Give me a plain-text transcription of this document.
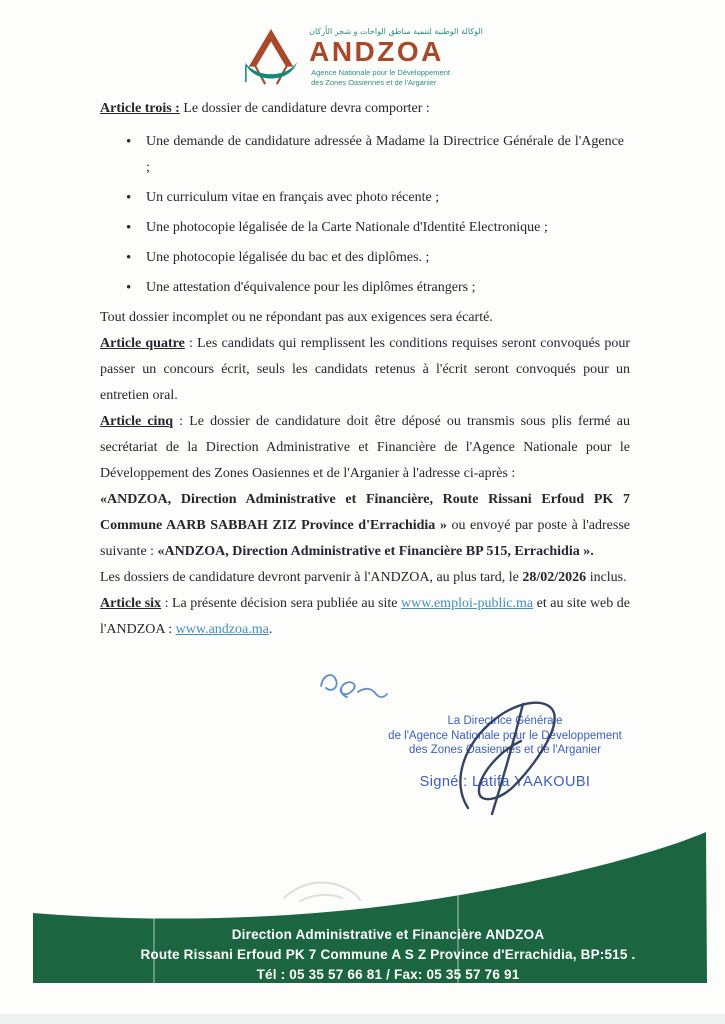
الوكالة الوطنية لتنمية مناطق الواحات و شجر الأركان
ANDZOA
Agence Nationale pour le Développement
des Zones Oasiennes et de l'Arganier

Article trois : Le dossier de candidature devra comporter :

• Une demande de candidature adressée à Madame la Directrice Générale de l'Agence ;
• Un curriculum vitae en français avec photo récente ;
• Une photocopie légalisée de la Carte Nationale d'Identité Electronique ;
• Une photocopie légalisée du bac et des diplômes. ;
• Une attestation d'équivalence pour les diplômes étrangers ;

Tout dossier incomplet ou ne répondant pas aux exigences sera écarté.

Article quatre : Les candidats qui remplissent les conditions requises seront convoqués pour passer un concours écrit, seuls les candidats retenus à l'écrit seront convoqués pour un entretien oral.

Article cinq : Le dossier de candidature doit être déposé ou transmis sous plis fermé au secrétariat de la Direction Administrative et Financière de l'Agence Nationale pour le Développement des Zones Oasiennes et de l'Arganier à l'adresse ci-après :

«ANDZOA, Direction Administrative et Financière, Route Rissani Erfoud PK 7 Commune AARB SABBAH ZIZ Province d'Errachidia » ou envoyé par poste à l'adresse suivante : «ANDZOA, Direction Administrative et Financière BP 515, Errachidia ».

Les dossiers de candidature devront parvenir à l'ANDZOA, au plus tard, le 28/02/2026 inclus.

Article six : La présente décision sera publiée au site www.emploi-public.ma et au site web de l'ANDZOA : www.andzoa.ma.

La Directrice Générale
de l'Agence Nationale pour le Développement
des Zones Oasiennes et de l'Arganier
Signé : Latifa YAAKOUBI
Direction Administrative et Financière ANDZOA
Route Rissani Erfoud PK 7 Commune A S Z Province d'Errachidia, BP:515 .
Tél : 05 35 57 66 81 / Fax: 05 35 57 76 91
